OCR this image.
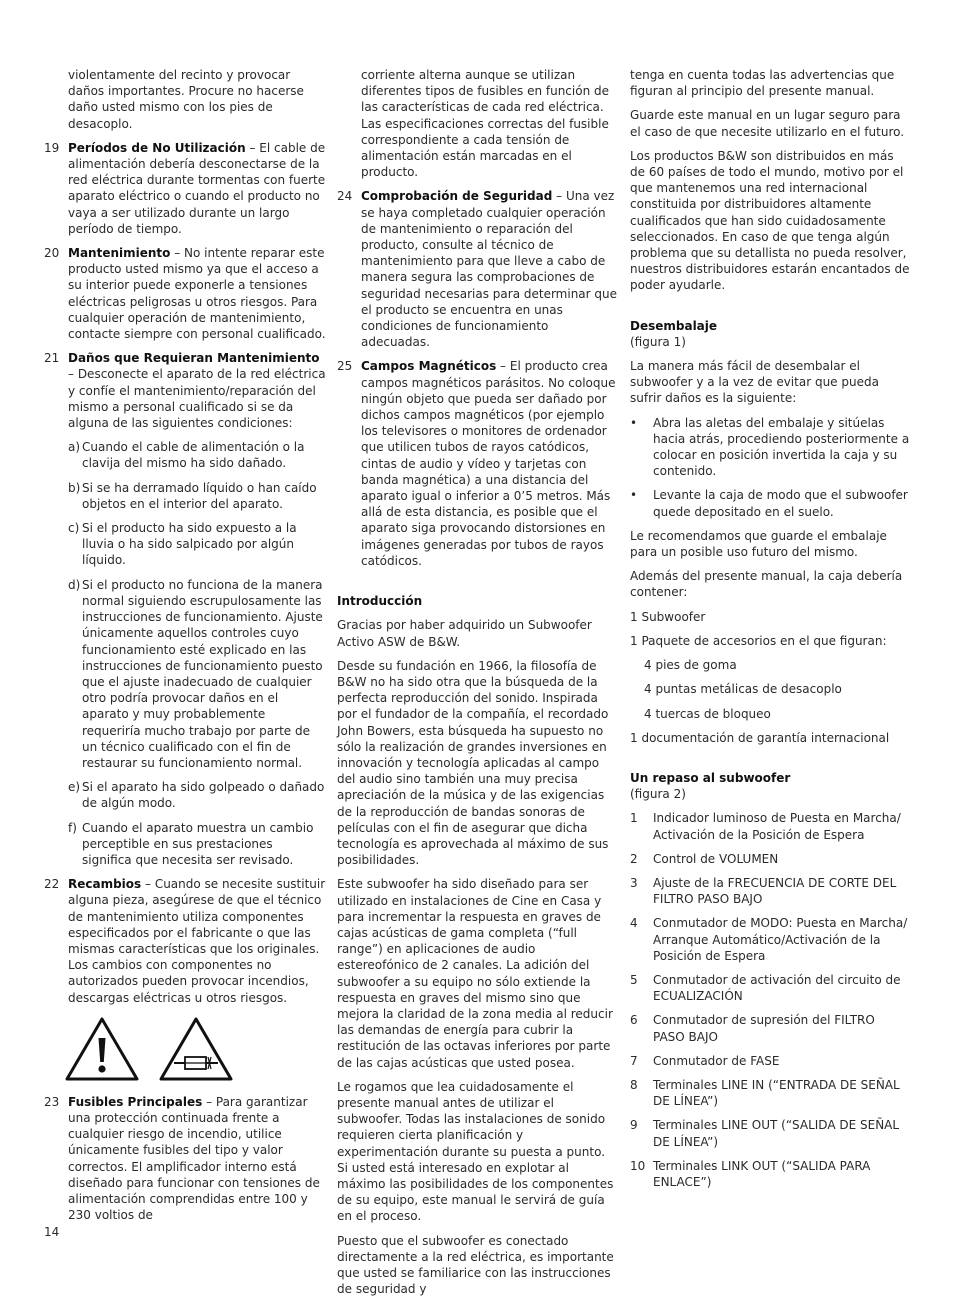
violentamente del recinto y provocar daños importantes. Procure no hacerse daño usted mismo con los pies de desacoplo.

19 Períodos de No Utilización – El cable de alimentación debería desconectarse de la red eléctrica durante tormentas con fuerte aparato eléctrico o cuando el producto no vaya a ser utilizado durante un largo período de tiempo.
20 Mantenimiento – No intente reparar este producto usted mismo ya que el acceso a su interior puede exponerle a tensiones eléctricas peligrosas u otros riesgos. Para cualquier operación de mantenimiento, contacte siempre con personal cualificado.
21 Daños que Requieran Mantenimiento – Desconecte el aparato de la red eléctrica y confíe el mantenimiento/reparación del mismo a personal cualificado si se da alguna de las siguientes condiciones:
a) Cuando el cable de alimentación o la clavija del mismo ha sido dañado.
b) Si se ha derramado líquido o han caído objetos en el interior del aparato.
c) Si el producto ha sido expuesto a la lluvia o ha sido salpicado por algún líquido.
d) Si el producto no funciona de la manera normal siguiendo escrupulosamente las instrucciones de funcionamiento. Ajuste únicamente aquellos controles cuyo funcionamiento esté explicado en las instrucciones de funcionamiento puesto que el ajuste inadecuado de cualquier otro podría provocar daños en el aparato y muy probablemente requeriría mucho trabajo por parte de un técnico cualificado con el fin de restaurar su funcionamiento normal.
e) Si el aparato ha sido golpeado o dañado de algún modo.
f) Cuando el aparato muestra un cambio perceptible en sus prestaciones significa que necesita ser revisado.
22 Recambios – Cuando se necesite sustituir alguna pieza, asegúrese de que el técnico de mantenimiento utiliza componentes especificados por el fabricante o que las mismas características que los originales. Los cambios con componentes no autorizados pueden provocar incendios, descargas eléctricas u otros riesgos.
23 Fusibles Principales – Para garantizar una protección continuada frente a cualquier riesgo de incendio, utilice únicamente fusibles del tipo y valor correctos. El amplificador interno está diseñado para funcionar con tensiones de alimentación comprendidas entre 100 y 230 voltios de

corriente alterna aunque se utilizan diferentes tipos de fusibles en función de las características de cada red eléctrica. Las especificaciones correctas del fusible correspondiente a cada tensión de alimentación están marcadas en el producto.

24 Comprobación de Seguridad – Una vez se haya completado cualquier operación de mantenimiento o reparación del producto, consulte al técnico de mantenimiento para que lleve a cabo de manera segura las comprobaciones de seguridad necesarias para determinar que el producto se encuentra en unas condiciones de funcionamiento adecuadas.
25 Campos Magnéticos – El producto crea campos magnéticos parásitos. No coloque ningún objeto que pueda ser dañado por dichos campos magnéticos (por ejemplo los televisores o monitores de ordenador que utilicen tubos de rayos catódicos, cintas de audio y vídeo y tarjetas con banda magnética) a una distancia del aparato igual o inferior a 0’5 metros. Más allá de esta distancia, es posible que el aparato siga provocando distorsiones en imágenes generadas por tubos de rayos catódicos.

Introducción

Gracias por haber adquirido un Subwoofer Activo ASW de B&W.

Desde su fundación en 1966, la filosofía de B&W no ha sido otra que la búsqueda de la perfecta reproducción del sonido. Inspirada por el fundador de la compañía, el recordado John Bowers, esta búsqueda ha supuesto no sólo la realización de grandes inversiones en innovación y tecnología aplicadas al campo del audio sino también una muy precisa apreciación de la música y de las exigencias de la reproducción de bandas sonoras de películas con el fin de asegurar que dicha tecnología es aprovechada al máximo de sus posibilidades.

Este subwoofer ha sido diseñado para ser utilizado en instalaciones de Cine en Casa y para incrementar la respuesta en graves de cajas acústicas de gama completa (“full range”) en aplicaciones de audio estereofónico de 2 canales. La adición del subwoofer a su equipo no sólo extiende la respuesta en graves del mismo sino que mejora la claridad de la zona media al reducir las demandas de energía para cubrir la restitución de las octavas inferiores por parte de las cajas acústicas que usted posea.

Le rogamos que lea cuidadosamente el presente manual antes de utilizar el subwoofer. Todas las instalaciones de sonido requieren cierta planificación y experimentación durante su puesta a punto. Si usted está interesado en explotar al máximo las posibilidades de los componentes de su equipo, este manual le servirá de guía en el proceso.

Puesto que el subwoofer es conectado directamente a la red eléctrica, es importante que usted se familiarice con las instrucciones de seguridad y

tenga en cuenta todas las advertencias que figuran al principio del presente manual.

Guarde este manual en un lugar seguro para el caso de que necesite utilizarlo en el futuro.

Los productos B&W son distribuidos en más de 60 países de todo el mundo, motivo por el que mantenemos una red internacional constituida por distribuidores altamente cualificados que han sido cuidadosamente seleccionados. En caso de que tenga algún problema que su detallista no pueda resolver, nuestros distribuidores estarán encantados de poder ayudarle.

Desembalaje

(figura 1)

La manera más fácil de desembalar el subwoofer y a la vez de evitar que pueda sufrir daños es la siguiente:

•	Abra las aletas del embalaje y sitúelas hacia atrás, procediendo posteriormente a colocar en posición invertida la caja y su contenido.
•	Levante la caja de modo que el subwoofer quede depositado en el suelo.

Le recomendamos que guarde el embalaje para un posible uso futuro del mismo.

Además del presente manual, la caja debería contener:

1 Subwoofer

1 Paquete de accesorios en el que figuran:

4 pies de goma

4 puntas metálicas de desacoplo

4 tuercas de bloqueo

1 documentación de garantía internacional

Un repaso al subwoofer

(figura 2)

1	Indicador luminoso de Puesta en Marcha/ Activación de la Posición de Espera
2	Control de VOLUMEN
3	Ajuste de la FRECUENCIA DE CORTE DEL FILTRO PASO BAJO
4	Conmutador de MODO: Puesta en Marcha/ Arranque Automático/Activación de la Posición de Espera
5	Conmutador de activación del circuito de ECUALIZACIÓN
6	Conmutador de supresión del FILTRO PASO BAJO
7	Conmutador de FASE
8	Terminales LINE IN (“ENTRADA DE SEÑAL DE LÍNEA”)
9	Terminales LINE OUT (“SALIDA DE SEÑAL DE LÍNEA”)
10 Terminales LINK OUT (“SALIDA PARA ENLACE”)
14
